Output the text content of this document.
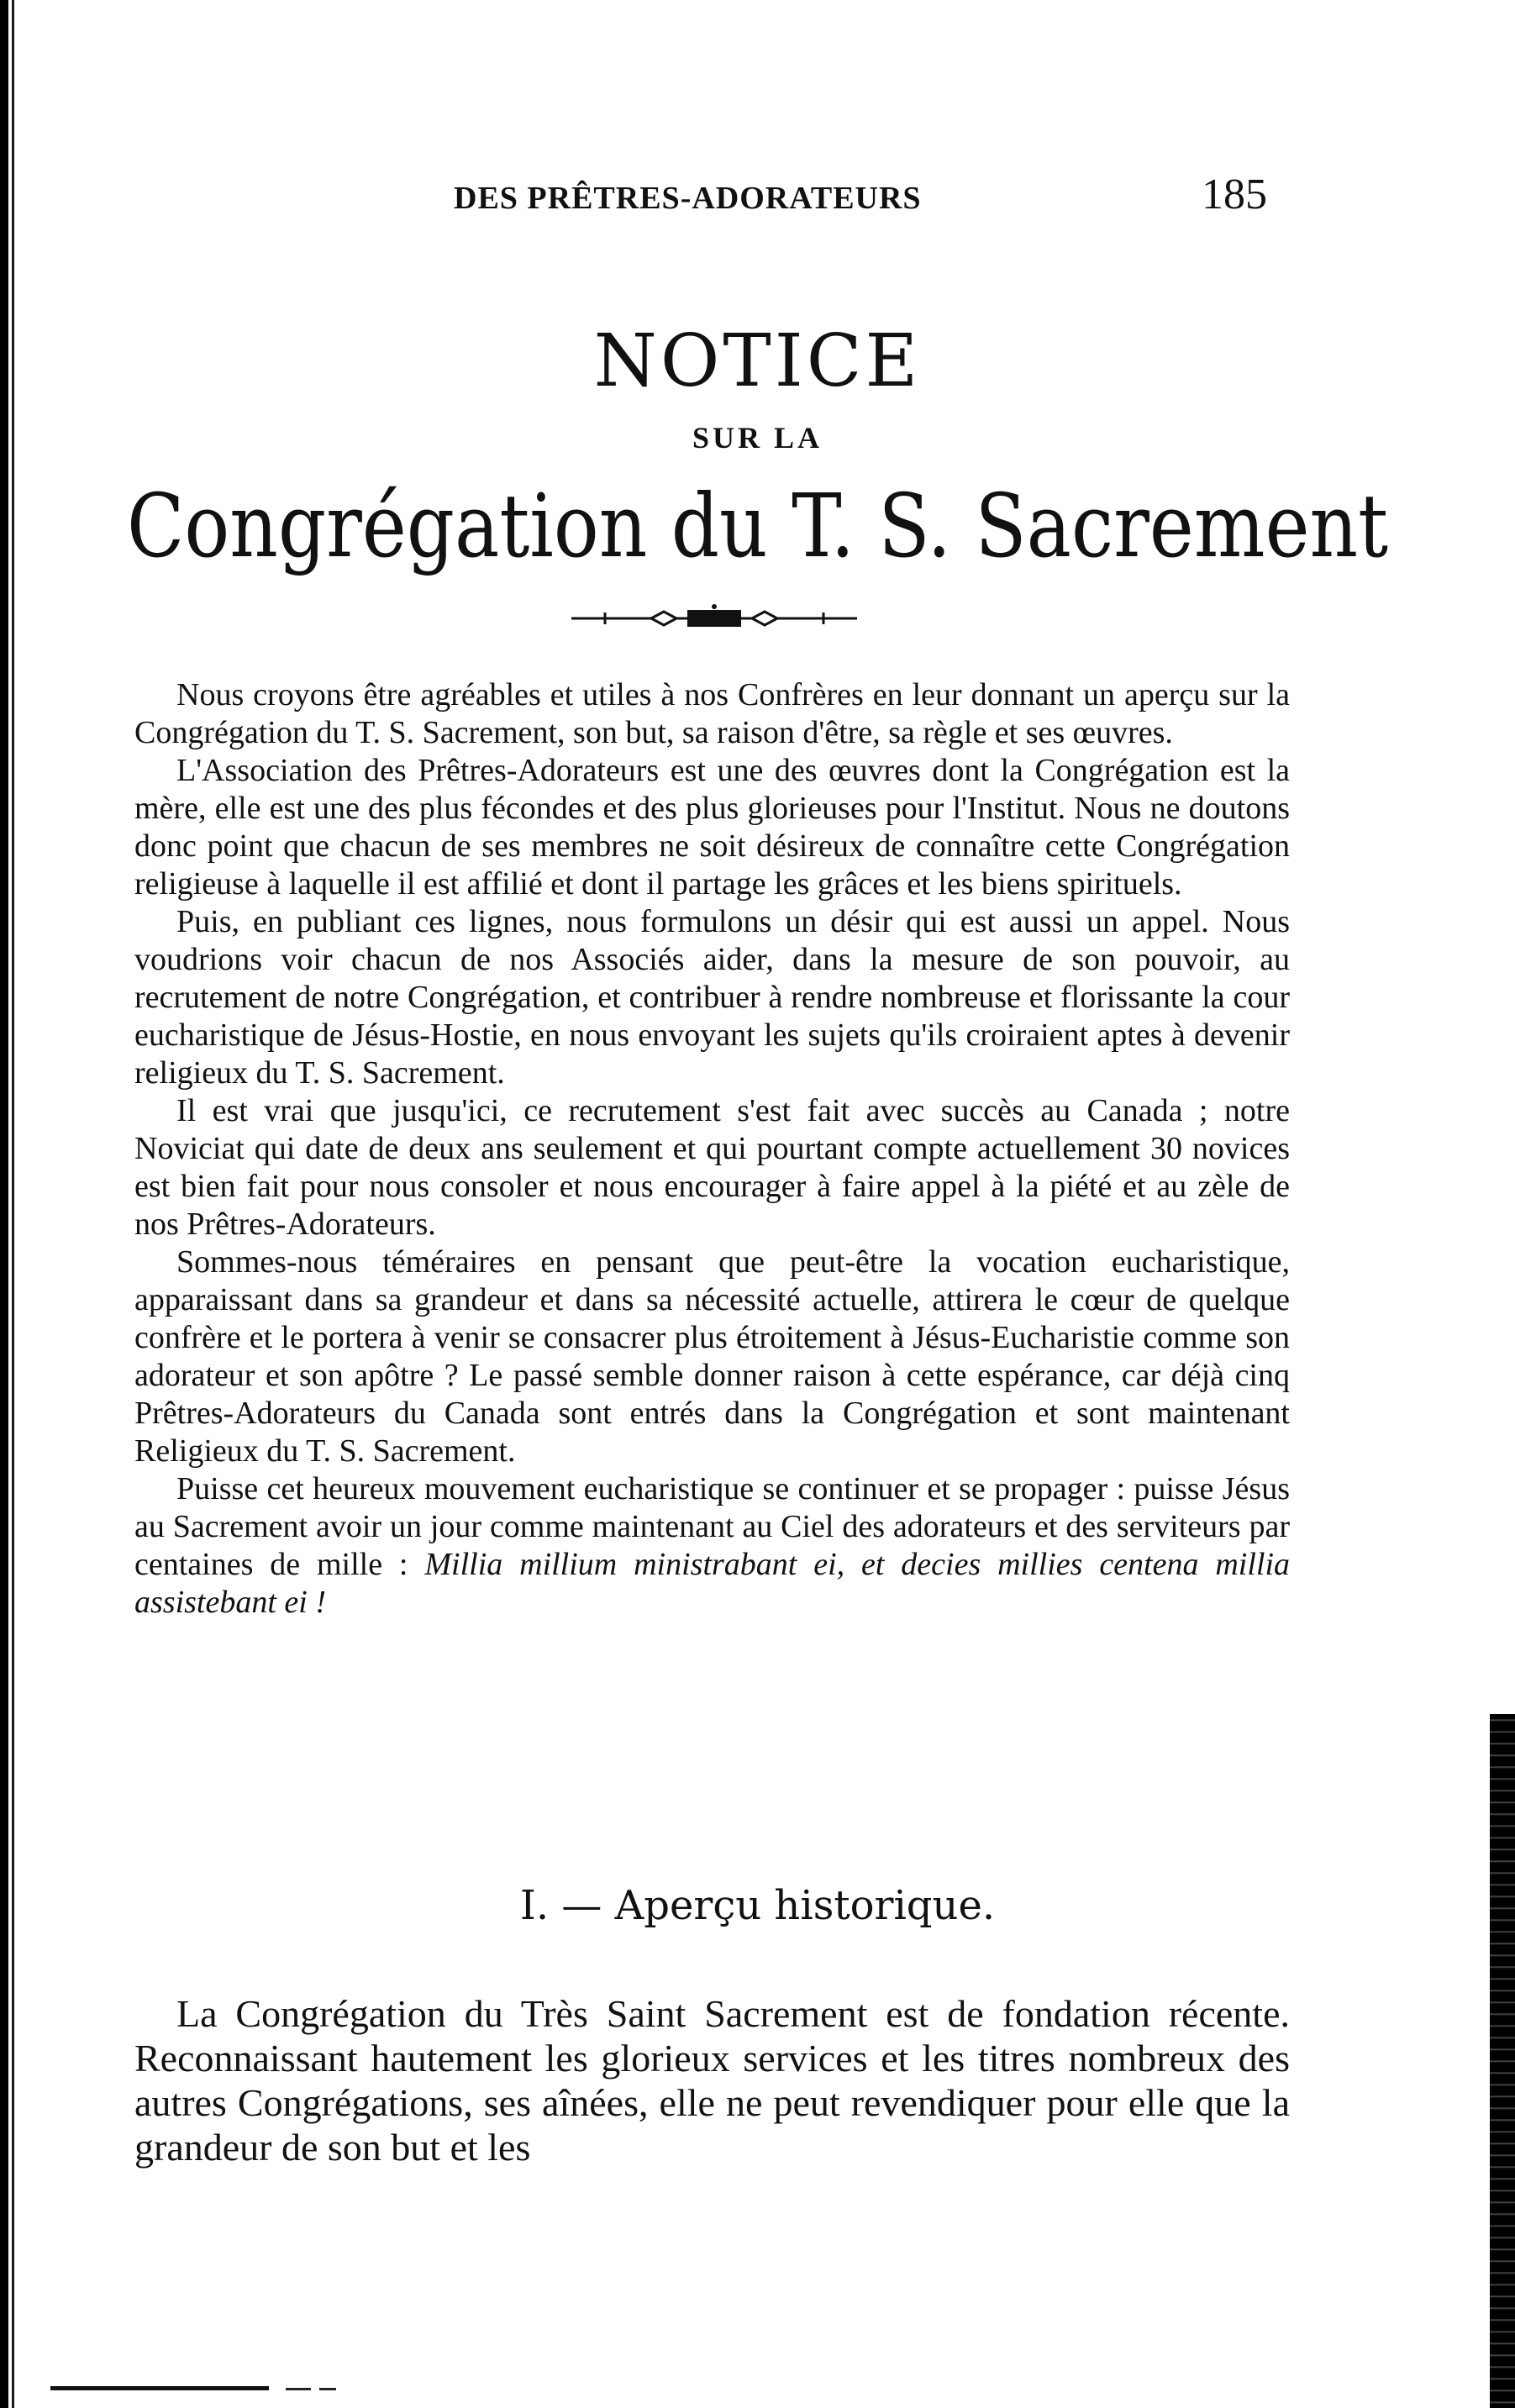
DES PRÊTRES-ADORATEURS	185
NOTICE
SUR LA
Congrégation du T. S. Sacrement

Nous croyons être agréables et utiles à nos Confrères en leur donnant un aperçu sur la Congrégation du T. S. Sacrement, son but, sa raison d'être, sa règle et ses œuvres.

L'Association des Prêtres-Adorateurs est une des œuvres dont la Congrégation est la mère, elle est une des plus fécondes et des plus glorieuses pour l'Institut. Nous ne doutons donc point que chacun de ses membres ne soit désireux de connaître cette Congrégation religieuse à laquelle il est affilié et dont il partage les grâces et les biens spirituels.

Puis, en publiant ces lignes, nous formulons un désir qui est aussi un appel. Nous voudrions voir chacun de nos Associés aider, dans la mesure de son pouvoir, au recrutement de notre Congrégation, et contribuer à rendre nombreuse et florissante la cour eucharistique de Jésus-Hostie, en nous envoyant les sujets qu'ils croiraient aptes à devenir religieux du T. S. Sacrement.

Il est vrai que jusqu'ici, ce recrutement s'est fait avec succès au Canada ; notre Noviciat qui date de deux ans seulement et qui pourtant compte actuellement 30 novices est bien fait pour nous consoler et nous encourager à faire appel à la piété et au zèle de nos Prêtres-Adorateurs.

Sommes-nous téméraires en pensant que peut-être la vocation eucharistique, apparaissant dans sa grandeur et dans sa nécessité actuelle, attirera le cœur de quelque confrère et le portera à venir se consacrer plus étroitement à Jésus-Eucharistie comme son adorateur et son apôtre ? Le passé semble donner raison à cette espérance, car déjà cinq Prêtres-Adorateurs du Canada sont entrés dans la Congrégation et sont maintenant Religieux du T. S. Sacrement.

Puisse cet heureux mouvement eucharistique se continuer et se propager : puisse Jésus au Sacrement avoir un jour comme maintenant au Ciel des adorateurs et des serviteurs par centaines de mille : Millia millium ministrabant ei, et decies millies centena millia assistebant ei !

I. — Aperçu historique.

La Congrégation du Très Saint Sacrement est de fondation récente. Reconnaissant hautement les glorieux services et les titres nombreux des autres Congrégations, ses aînées, elle ne peut revendiquer pour elle que la grandeur de son but et les
